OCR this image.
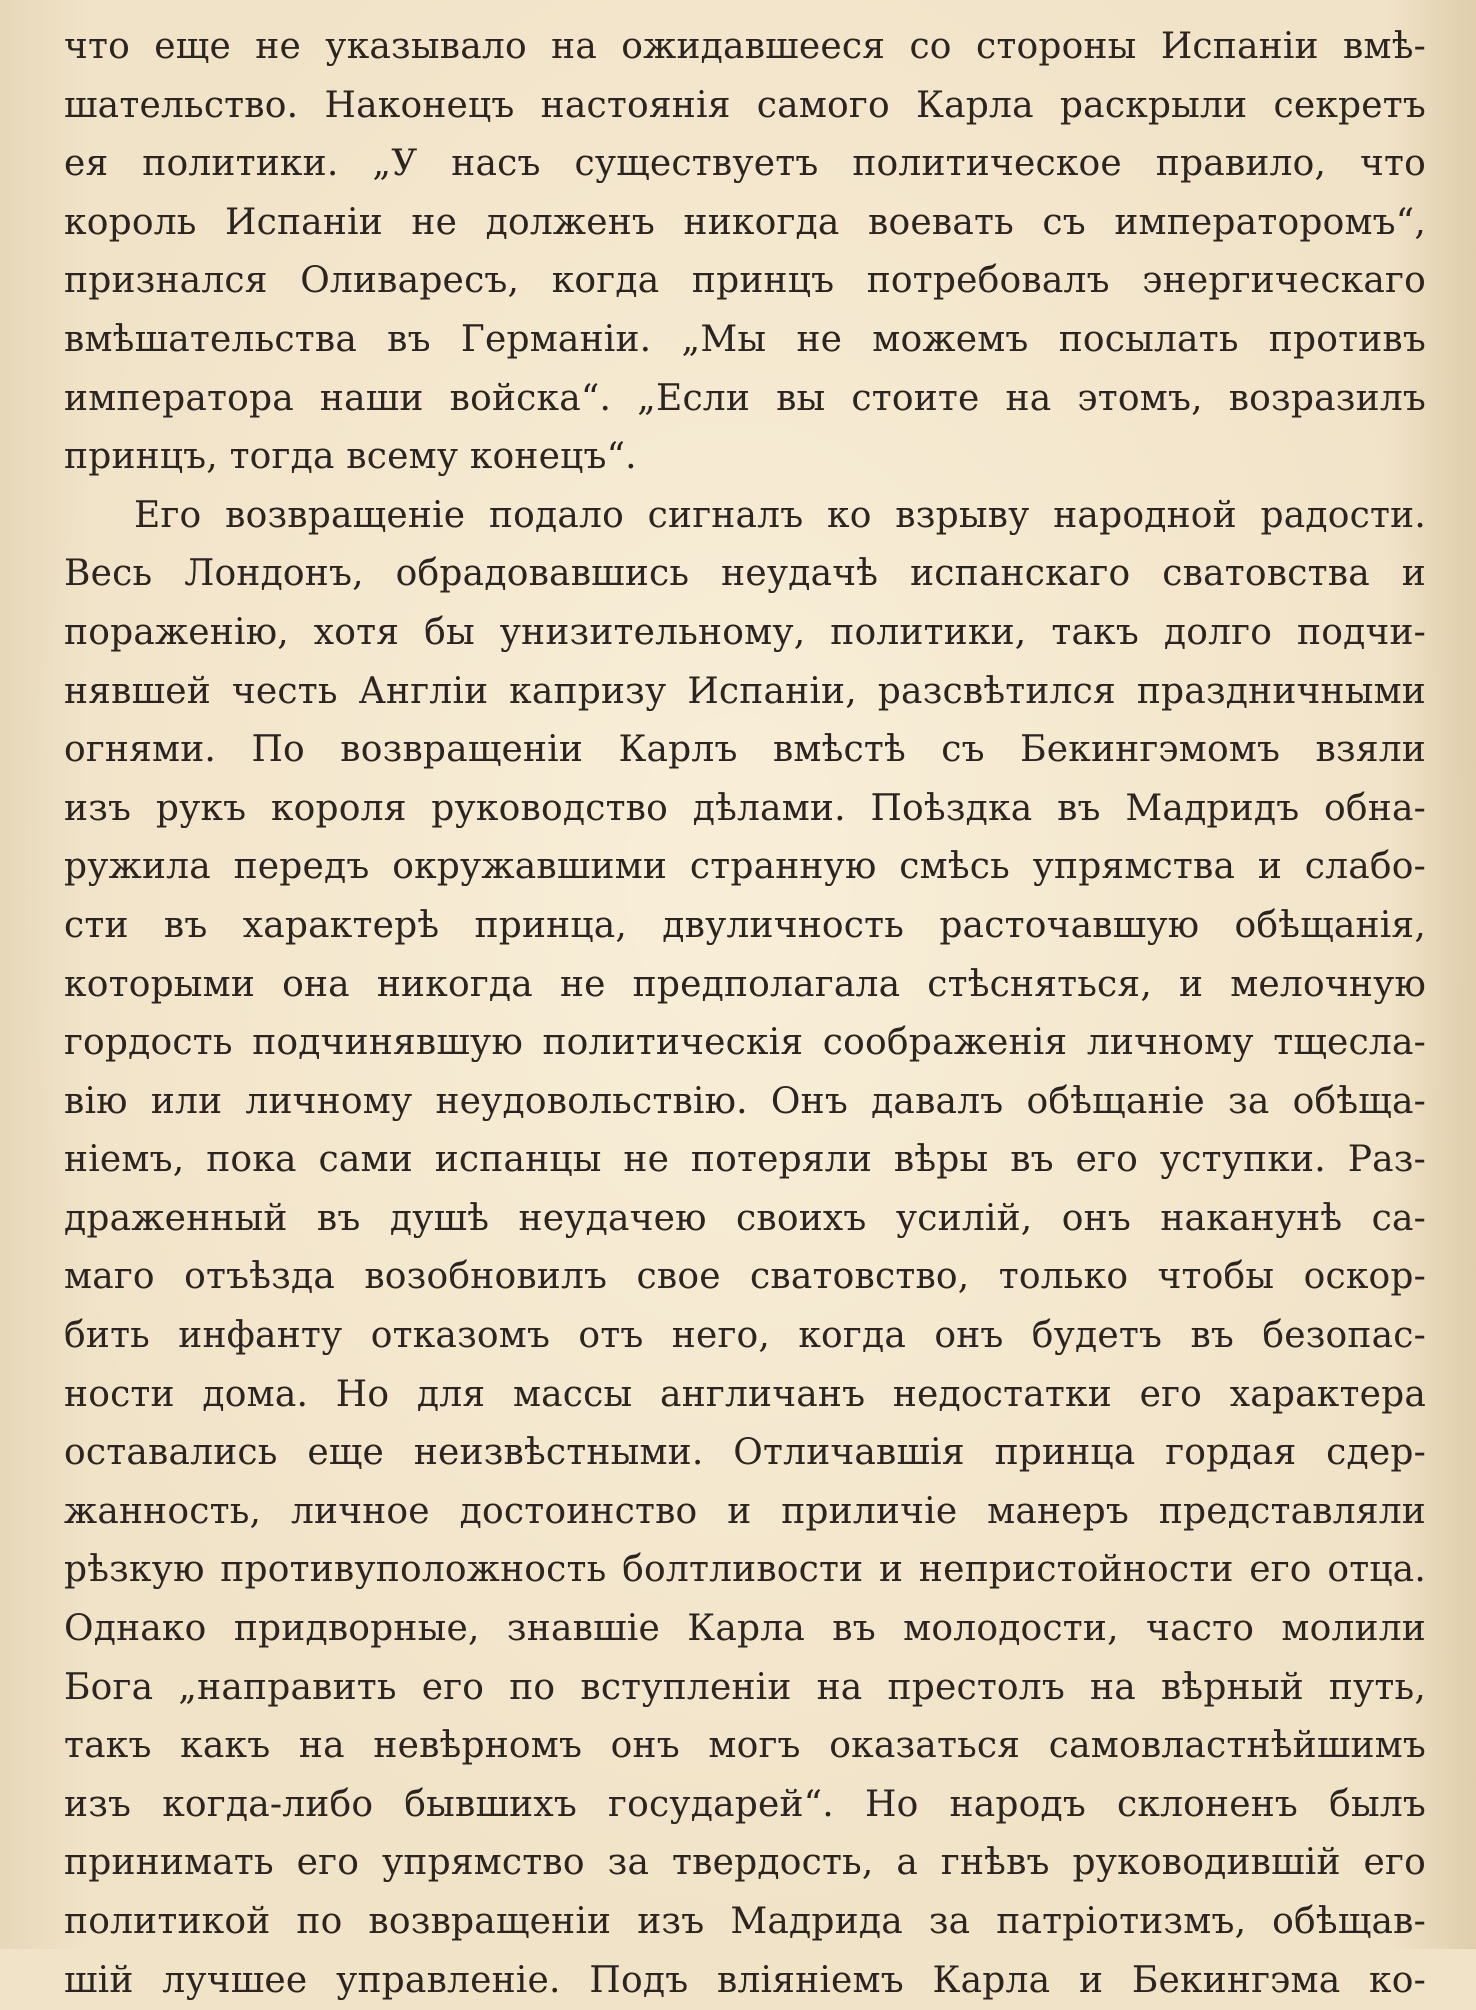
что еще не указывало на ожидавшееся со стороны Испаніи вмѣ-
шательство. Наконецъ настоянія самого Карла раскрыли секретъ
ея политики. „У насъ существуетъ политическое правило, что
король Испаніи не долженъ никогда воевать съ императоромъ“,
признался Оливаресъ, когда принцъ потребовалъ энергическаго
вмѣшательства въ Германіи. „Мы не можемъ посылать противъ
императора наши войска“. „Если вы стоите на этомъ, возразилъ
принцъ, тогда всему конецъ“.
Его возвращеніе подало сигналъ ко взрыву народной радости.
Весь Лондонъ, обрадовавшись неудачѣ испанскаго сватовства и
пораженію, хотя бы унизительному, политики, такъ долго подчи-
нявшей честь Англіи капризу Испаніи, разсвѣтился праздничными
огнями. По возвращеніи Карлъ вмѣстѣ съ Бекингэмомъ взяли
изъ рукъ короля руководство дѣлами. Поѣздка въ Мадридъ обна-
ружила передъ окружавшими странную смѣсь упрямства и слабо-
сти въ характерѣ принца, двуличность расточавшую обѣщанія,
которыми она никогда не предполагала стѣсняться, и мелочную
гордость подчинявшую политическія соображенія личному тщесла-
вію или личному неудовольствію. Онъ давалъ обѣщаніе за обѣща-
ніемъ, пока сами испанцы не потеряли вѣры въ его уступки. Раз-
драженный въ душѣ неудачею своихъ усилій, онъ наканунѣ са-
маго отъѣзда возобновилъ свое сватовство, только чтобы оскор-
бить инфанту отказомъ отъ него, когда онъ будетъ въ безопас-
ности дома. Но для массы англичанъ недостатки его характера
оставались еще неизвѣстными. Отличавшія принца гордая сдер-
жанность, личное достоинство и приличіе манеръ представляли
рѣзкую противуположность болтливости и непристойности его отца.
Однако придворные, знавшіе Карла въ молодости, часто молили
Бога „направить его по вступленіи на престолъ на вѣрный путь,
такъ какъ на невѣрномъ онъ могъ оказаться самовластнѣйшимъ
изъ когда-либо бывшихъ государей“. Но народъ склоненъ былъ
принимать его упрямство за твердость, а гнѣвъ руководившій его
политикой по возвращеніи изъ Мадрида за патріотизмъ, обѣщав-
шій лучшее управленіе. Подъ вліяніемъ Карла и Бекингэма ко-
